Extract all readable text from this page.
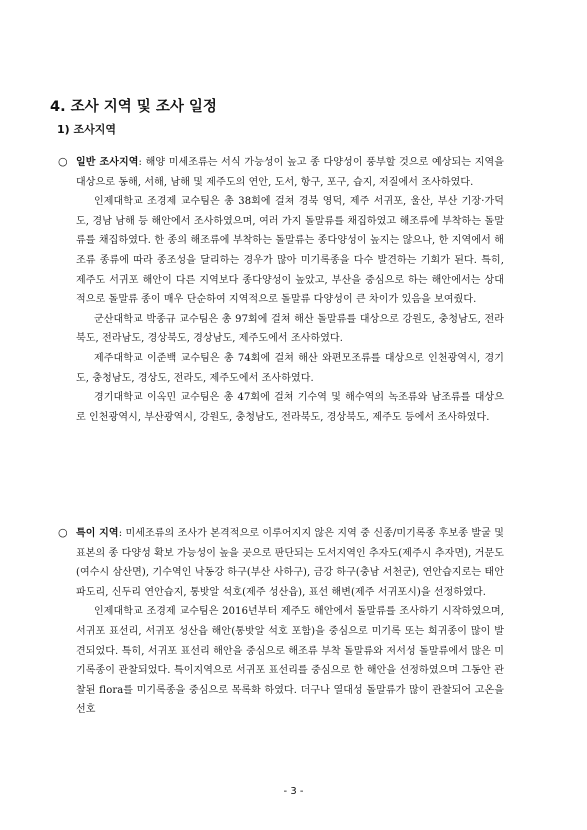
4. 조사 지역 및 조사 일정
1) 조사지역

○ 일반 조사지역: 해양 미세조류는 서식 가능성이 높고 종 다양성이 풍부할 것으로 예상되는 지역을 대상으로 동해, 서해, 남해 및 제주도의 연안, 도서, 항구, 포구, 습지, 저질에서 조사하였다.

인제대학교 조경제 교수팀은 총 38회에 걸쳐 경북 영덕, 제주 서귀포, 울산, 부산 기장·가덕도, 경남 남해 등 해안에서 조사하였으며, 여러 가지 돌말류를 채집하였고 해조류에 부착하는 돌말류를 채집하였다. 한 종의 해조류에 부착하는 돌말류는 종다양성이 높지는 않으나, 한 지역에서 해조류 종류에 따라 종조성을 달리하는 경우가 많아 미기록종을 다수 발견하는 기회가 된다. 특히, 제주도 서귀포 해안이 다른 지역보다 종다양성이 높았고, 부산을 중심으로 하는 해안에서는 상대적으로 돌말류 종이 매우 단순하여 지역적으로 돌말류 다양성이 큰 차이가 있음을 보여줬다.

군산대학교 박종규 교수팀은 총 97회에 걸쳐 해산 돌말류를 대상으로 강원도, 충청남도, 전라북도, 전라남도, 경상북도, 경상남도, 제주도에서 조사하였다.

제주대학교 이준백 교수팀은 총 74회에 걸쳐 해산 와편모조류를 대상으로 인천광역시, 경기도, 충청남도, 경상도, 전라도, 제주도에서 조사하였다.

경기대학교 이옥민 교수팀은 총 47회에 걸쳐 기수역 및 해수역의 녹조류와 남조류를 대상으로 인천광역시, 부산광역시, 강원도, 충청남도, 전라북도, 경상북도, 제주도 등에서 조사하였다.

○ 특이 지역: 미세조류의 조사가 본격적으로 이루어지지 않은 지역 중 신종/미기록종 후보종 발굴 및 표본의 종 다양성 확보 가능성이 높을 곳으로 판단되는 도서지역인 추자도(제주시 추자면), 거문도(여수시 삼산면), 기수역인 낙동강 하구(부산 사하구), 금강 하구(충남 서천군), 연안습지로는 태안 파도리, 신두리 연안습지, 통밧알 석호(제주 성산읍), 표선 해변(제주 서귀포시)을 선정하였다.

인제대학교 조경제 교수팀은 2016년부터 제주도 해안에서 돌말류를 조사하기 시작하였으며, 서귀포 표선리, 서귀포 성산읍 해안(통밧알 석호 포함)을 중심으로 미기록 또는 희귀종이 많이 발견되었다. 특히, 서귀포 표선리 해안을 중심으로 해조류 부착 돌말류와 저서성 돌말류에서 많은 미기록종이 관찰되었다. 특이지역으로 서귀포 표선리를 중심으로 한 해안을 선정하였으며 그동안 관찰된 flora를 미기록종을 중심으로 목록화 하였다. 더구나 열대성 돌말류가 많이 관찰되어 고온을 선호

- 3 -
